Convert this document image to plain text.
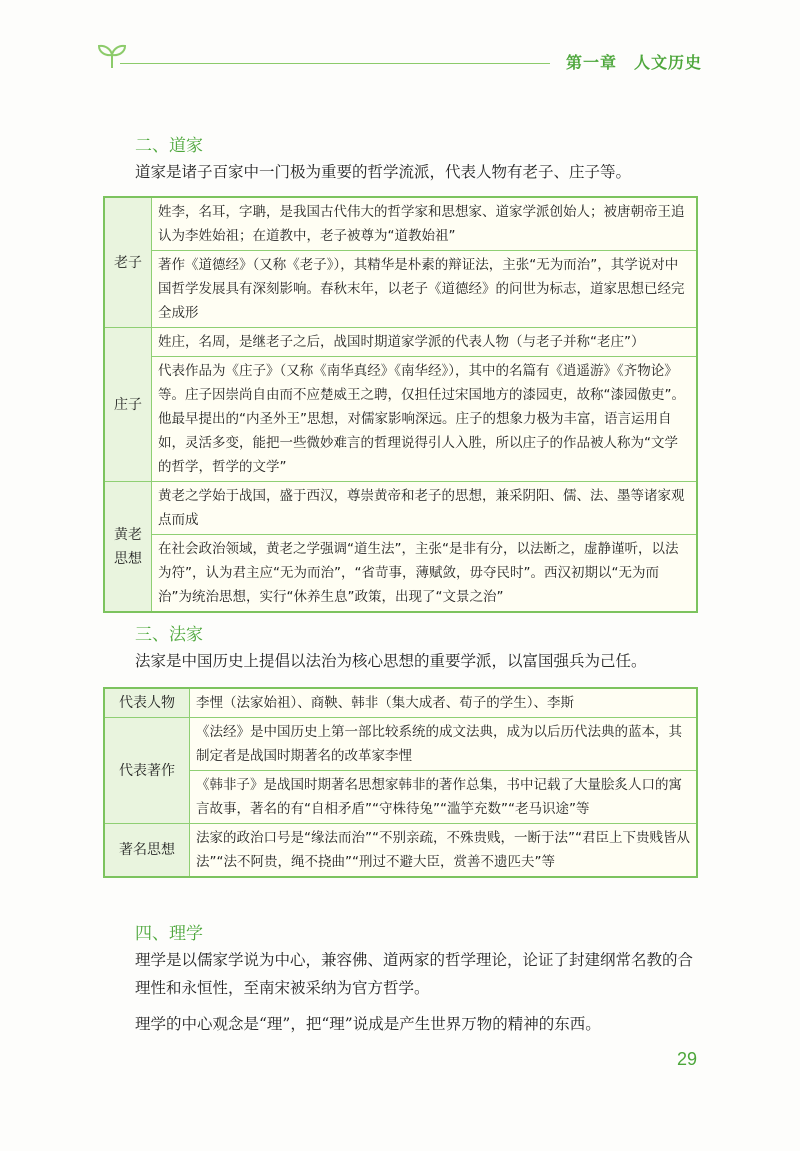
第一章　人文历史
二、道家
道家是诸子百家中一门极为重要的哲学流派，代表人物有老子、庄子等。
老子	姓李，名耳，字聃，是我国古代伟大的哲学家和思想家、道家学派创始人；被唐朝帝王追认为李姓始祖；在道教中，老子被尊为“道教始祖”
	著作《道德经》（又称《老子》），其精华是朴素的辩证法，主张“无为而治”，其学说对中国哲学发展具有深刻影响。春秋末年，以老子《道德经》的问世为标志，道家思想已经完全成形
庄子	姓庄，名周，是继老子之后，战国时期道家学派的代表人物（与老子并称“老庄”）
	代表作品为《庄子》（又称《南华真经》《南华经》），其中的名篇有《逍遥游》《齐物论》等。庄子因崇尚自由而不应楚威王之聘，仅担任过宋国地方的漆园吏，故称“漆园傲吏”。他最早提出的“内圣外王”思想，对儒家影响深远。庄子的想象力极为丰富，语言运用自如，灵活多变，能把一些微妙难言的哲理说得引人入胜，所以庄子的作品被人称为“文学的哲学，哲学的文学”
黄老思想	黄老之学始于战国，盛于西汉，尊崇黄帝和老子的思想，兼采阴阳、儒、法、墨等诸家观点而成
	在社会政治领域，黄老之学强调“道生法”，主张“是非有分，以法断之，虚静谨听，以法为符”，认为君主应“无为而治”，“省苛事，薄赋敛，毋夺民时”。西汉初期以“无为而治”为统治思想，实行“休养生息”政策，出现了“文景之治”
三、法家
法家是中国历史上提倡以法治为核心思想的重要学派，以富国强兵为己任。
代表人物	李悝（法家始祖）、商鞅、韩非（集大成者、荀子的学生）、李斯
代表著作	《法经》是中国历史上第一部比较系统的成文法典，成为以后历代法典的蓝本，其制定者是战国时期著名的改革家李悝
	《韩非子》是战国时期著名思想家韩非的著作总集，书中记载了大量脍炙人口的寓言故事，著名的有“自相矛盾”“守株待兔”“滥竽充数”“老马识途”等
著名思想	法家的政治口号是“缘法而治”“不别亲疏，不殊贵贱，一断于法”“君臣上下贵贱皆从法”“法不阿贵，绳不挠曲”“刑过不避大臣，赏善不遗匹夫”等
四、理学
理学是以儒家学说为中心，兼容佛、道两家的哲学理论，论证了封建纲常名教的合理性和永恒性，至南宋被采纳为官方哲学。
理学的中心观念是“理”，把“理”说成是产生世界万物的精神的东西。
29
